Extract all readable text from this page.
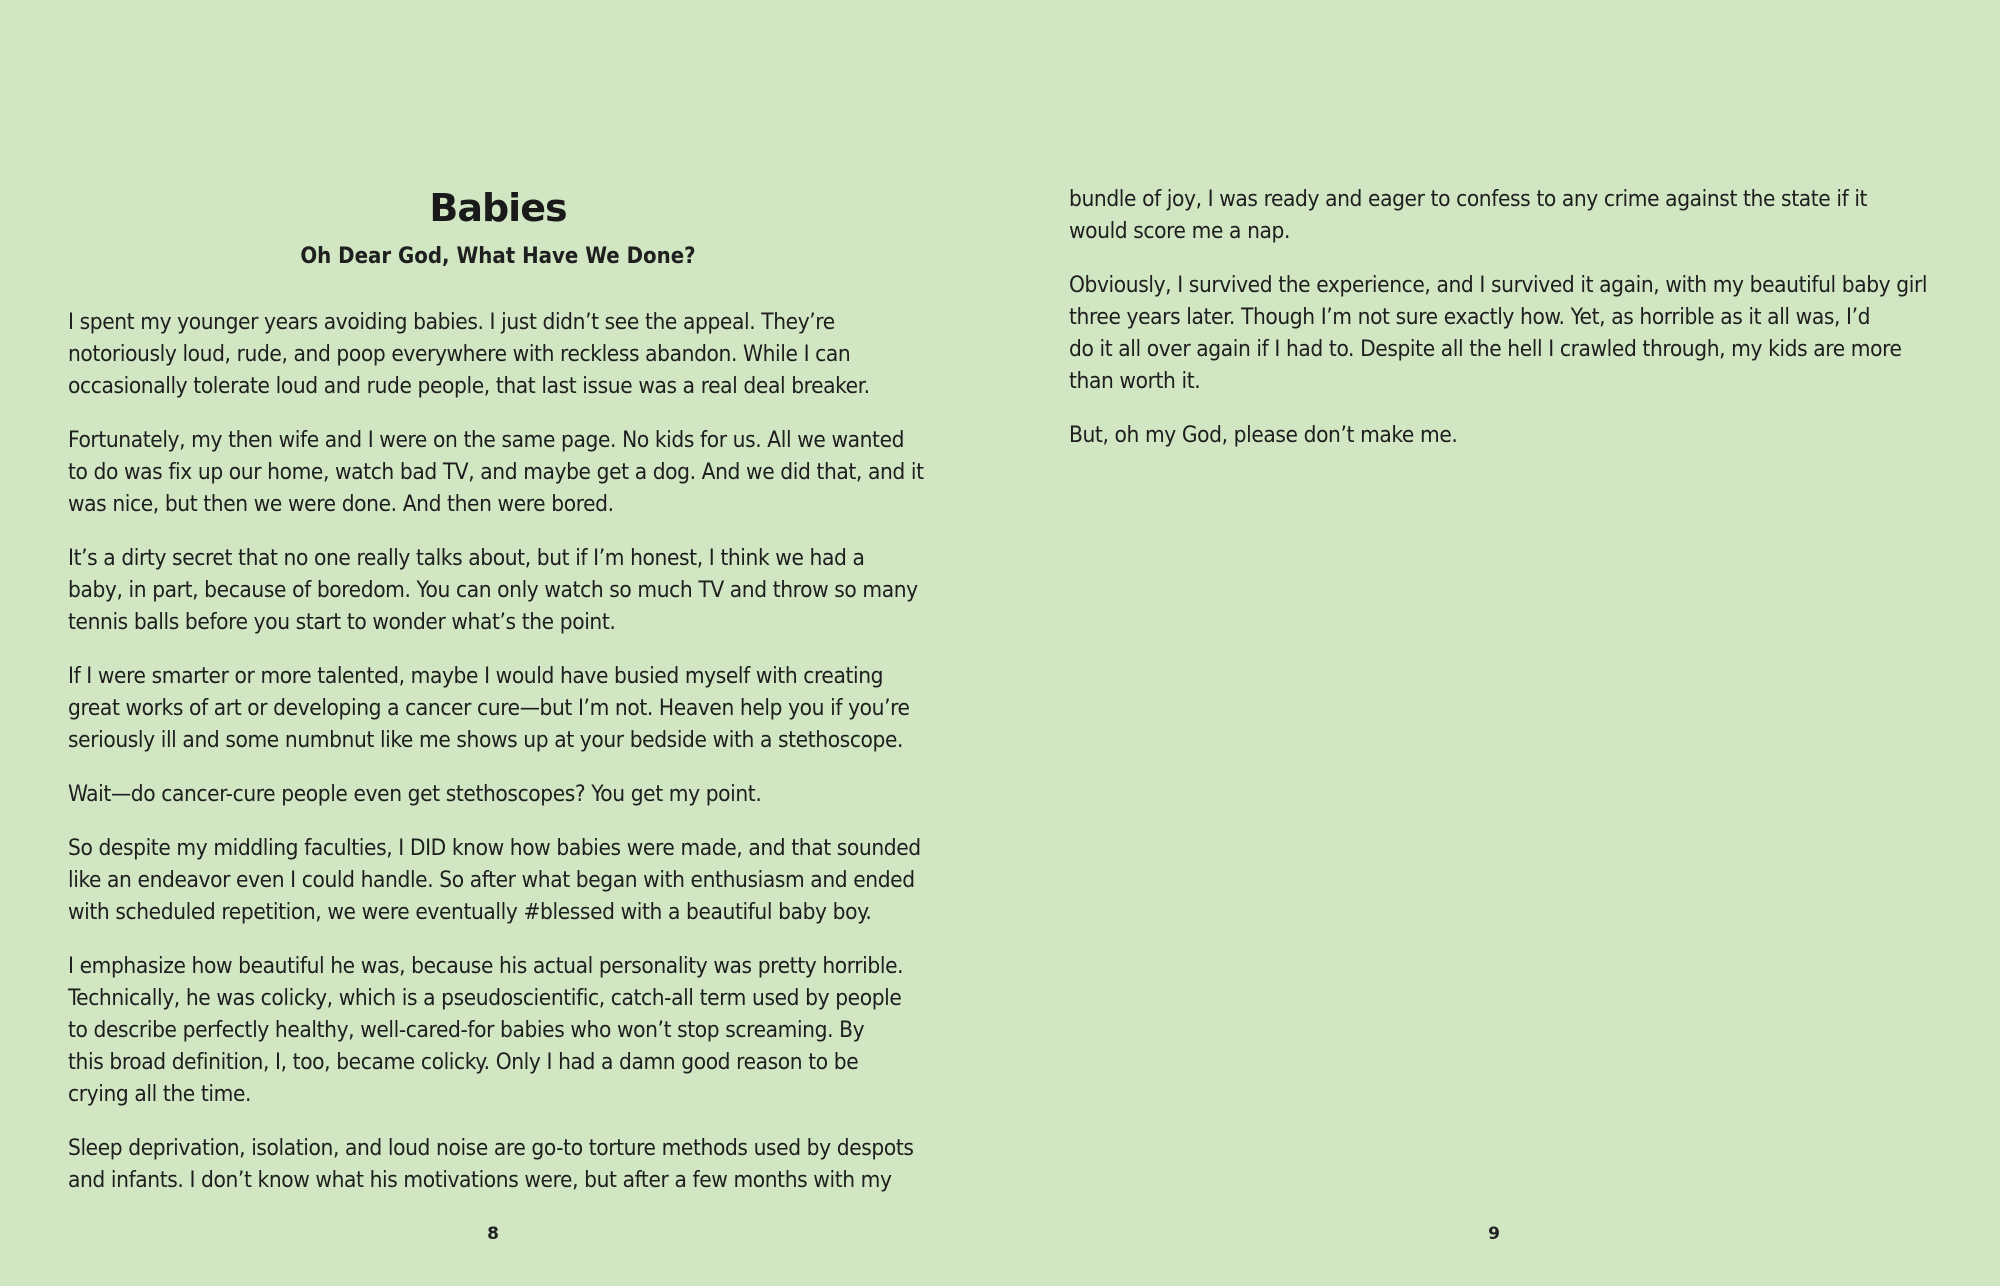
Babies
Oh Dear God, What Have We Done?

I spent my younger years avoiding babies. I just didn’t see the appeal. They’re
notoriously loud, rude, and poop everywhere with reckless abandon. While I can
occasionally tolerate loud and rude people, that last issue was a real deal breaker.

Fortunately, my then wife and I were on the same page. No kids for us. All we wanted
to do was fix up our home, watch bad TV, and maybe get a dog. And we did that, and it
was nice, but then we were done. And then were bored.

It’s a dirty secret that no one really talks about, but if I’m honest, I think we had a
baby, in part, because of boredom. You can only watch so much TV and throw so many
tennis balls before you start to wonder what’s the point.

If I were smarter or more talented, maybe I would have busied myself with creating
great works of art or developing a cancer cure—but I’m not. Heaven help you if you’re
seriously ill and some numbnut like me shows up at your bedside with a stethoscope.

Wait—do cancer-cure people even get stethoscopes? You get my point.

So despite my middling faculties, I DID know how babies were made, and that sounded
like an endeavor even I could handle. So after what began with enthusiasm and ended
with scheduled repetition, we were eventually #blessed with a beautiful baby boy.

I emphasize how beautiful he was, because his actual personality was pretty horrible.
Technically, he was colicky, which is a pseudoscientific, catch-all term used by people
to describe perfectly healthy, well-cared-for babies who won’t stop screaming. By
this broad definition, I, too, became colicky. Only I had a damn good reason to be
crying all the time.

Sleep deprivation, isolation, and loud noise are go-to torture methods used by despots
and infants. I don’t know what his motivations were, but after a few months with my

8

bundle of joy, I was ready and eager to confess to any crime against the state if it
would score me a nap.

Obviously, I survived the experience, and I survived it again, with my beautiful baby girl
three years later. Though I’m not sure exactly how. Yet, as horrible as it all was, I’d
do it all over again if I had to. Despite all the hell I crawled through, my kids are more
than worth it.

But, oh my God, please don’t make me.

9
